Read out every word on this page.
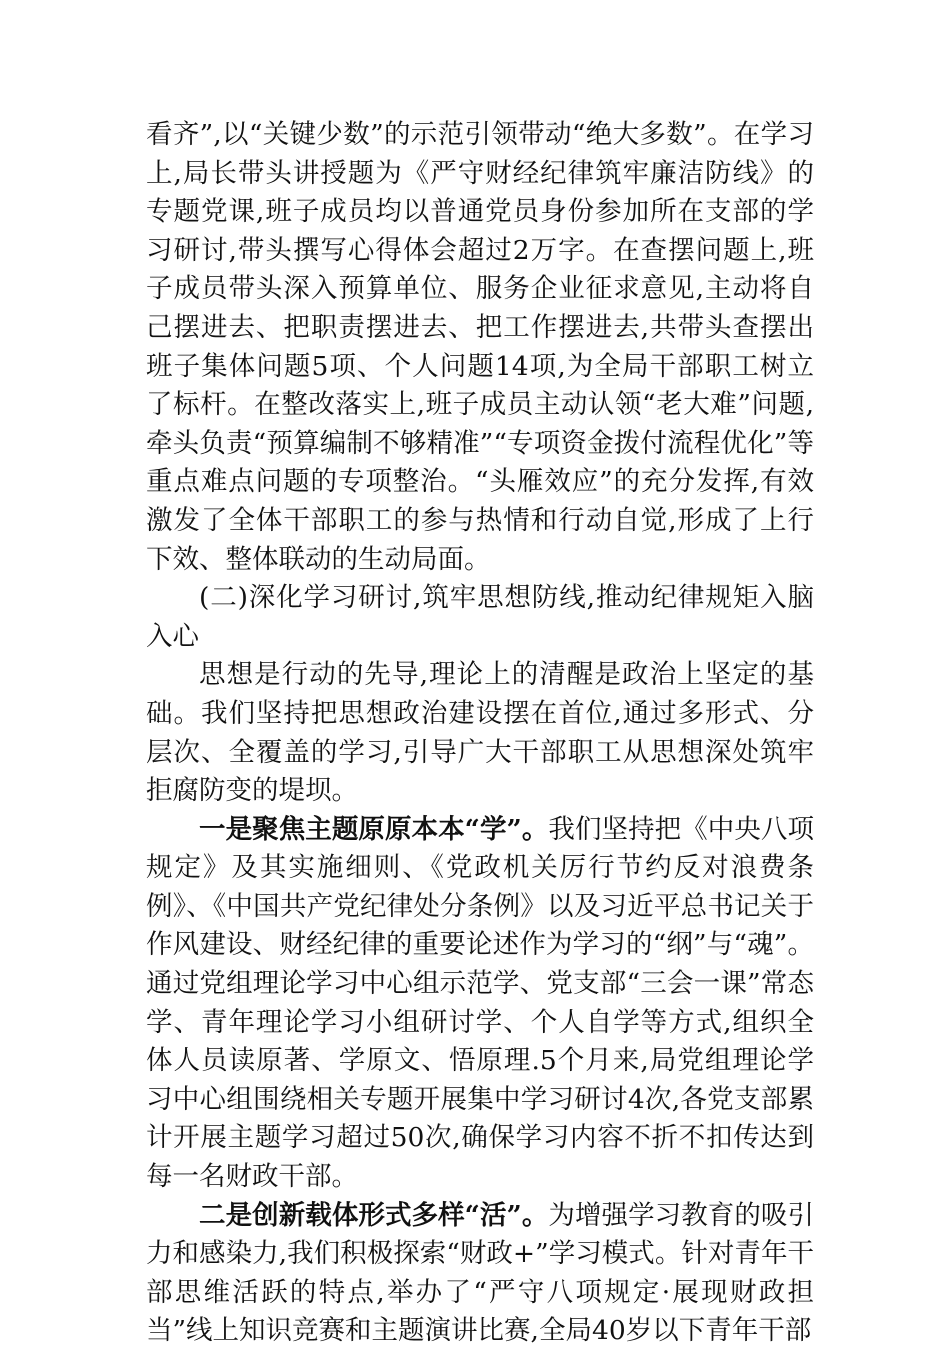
看齐”,以“关键少数”的示范引领带动“绝大多数”。在学习上,局长带头讲授题为《严守财经纪律筑牢廉洁防线》的专题党课,班子成员均以普通党员身份参加所在支部的学习研讨,带头撰写心得体会超过2万字。在查摆问题上,班子成员带头深入预算单位、服务企业征求意见,主动将自己摆进去、把职责摆进去、把工作摆进去,共带头查摆出班子集体问题5项、个人问题14项,为全局干部职工树立了标杆。在整改落实上,班子成员主动认领“老大难”问题,牵头负责“预算编制不够精准”“专项资金拨付流程优化”等重点难点问题的专项整治。“头雁效应”的充分发挥,有效激发了全体干部职工的参与热情和行动自觉,形成了上行下效、整体联动的生动局面。

(二)深化学习研讨,筑牢思想防线,推动纪律规矩入脑入心

思想是行动的先导,理论上的清醒是政治上坚定的基础。我们坚持把思想政治建设摆在首位,通过多形式、分层次、全覆盖的学习,引导广大干部职工从思想深处筑牢拒腐防变的堤坝。

一是聚焦主题原原本本“学”。我们坚持把《中央八项规定》及其实施细则、《党政机关厉行节约反对浪费条例》、《中国共产党纪律处分条例》以及习近平总书记关于作风建设、财经纪律的重要论述作为学习的“纲”与“魂”。通过党组理论学习中心组示范学、党支部“三会一课”常态学、青年理论学习小组研讨学、个人自学等方式,组织全体人员读原著、学原文、悟原理.5个月来,局党组理论学习中心组围绕相关专题开展集中学习研讨4次,各党支部累计开展主题学习超过50次,确保学习内容不折不扣传达到每一名财政干部。

二是创新载体形式多样“活”。为增强学习教育的吸引力和感染力,我们积极探索“财政+”学习模式。针对青年干部思维活跃的特点,举办了“严守八项规定·展现财政担当”线上知识竞赛和主题演讲比赛,全局40岁以下青年干部
